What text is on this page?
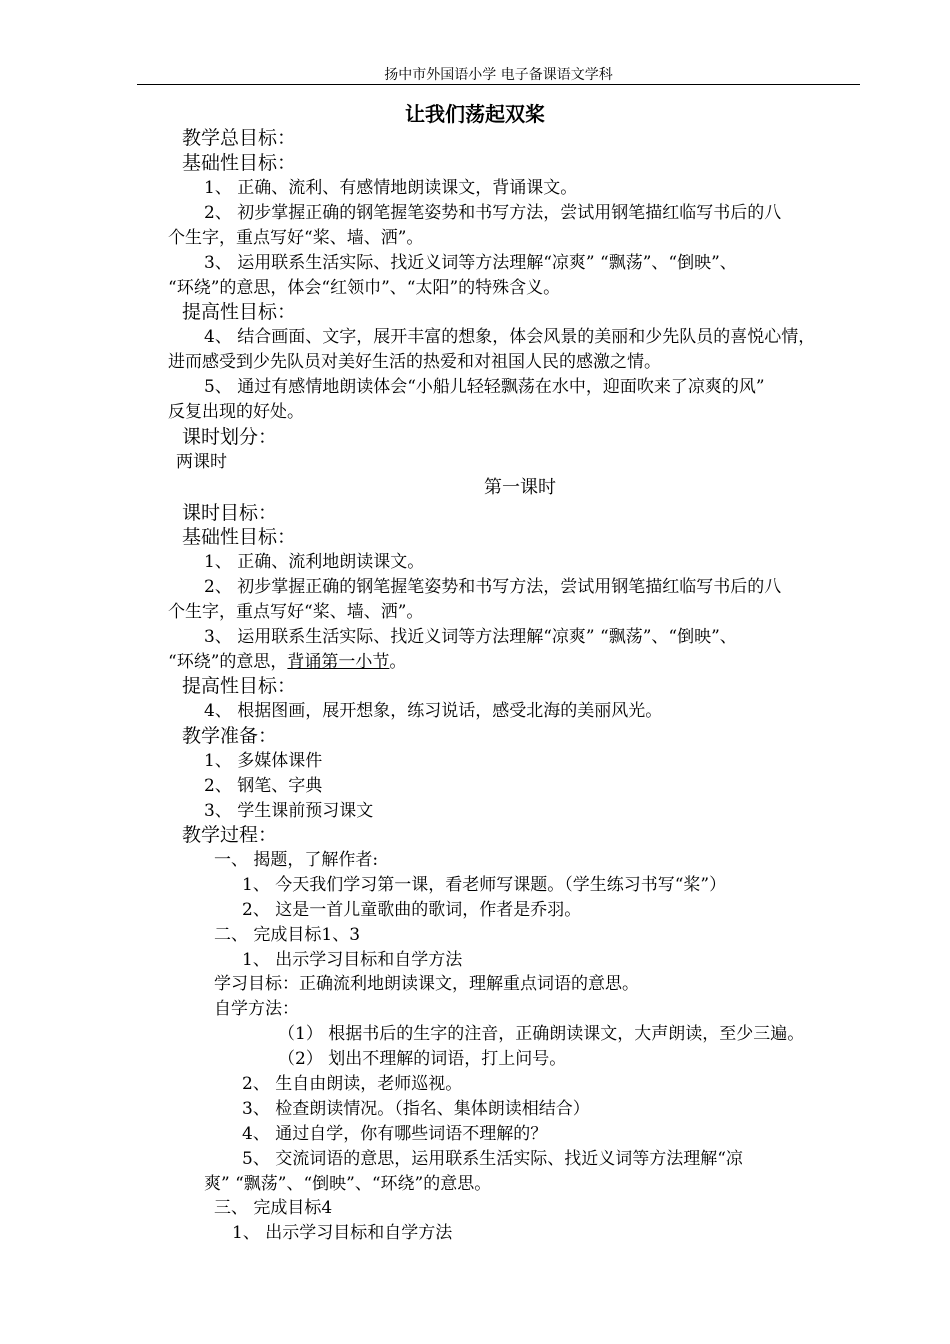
扬中市外国语小学 电子备课语文学科
让我们荡起双桨
教学总目标：
基础性目标：
1、 正确、流利、有感情地朗读课文，背诵课文。
2、 初步掌握正确的钢笔握笔姿势和书写方法，尝试用钢笔描红临写书后的八
个生字，重点写好“桨、墙、洒”。
3、 运用联系生活实际、找近义词等方法理解“凉爽” “飘荡”、“倒映”、
“环绕”的意思，体会“红领巾”、“太阳”的特殊含义。
提高性目标：
4、 结合画面、文字，展开丰富的想象，体会风景的美丽和少先队员的喜悦心情，
进而感受到少先队员对美好生活的热爱和对祖国人民的感激之情。
5、 通过有感情地朗读体会“小船儿轻轻飘荡在水中，迎面吹来了凉爽的风”
反复出现的好处。
课时划分：
两课时
第一课时
课时目标：
基础性目标：
1、 正确、流利地朗读课文。
2、 初步掌握正确的钢笔握笔姿势和书写方法，尝试用钢笔描红临写书后的八
个生字，重点写好“桨、墙、洒”。
3、 运用联系生活实际、找近义词等方法理解“凉爽” “飘荡”、“倒映”、
“环绕”的意思，背诵第一小节。
提高性目标：
4、 根据图画，展开想象，练习说话，感受北海的美丽风光。
教学准备：
1、 多媒体课件
2、 钢笔、字典
3、 学生课前预习课文
教学过程：
一、 揭题，了解作者:
1、 今天我们学习第一课，看老师写课题。（学生练习书写“桨”）
2、 这是一首儿童歌曲的歌词，作者是乔羽。
二、 完成目标1、3
1、 出示学习目标和自学方法
学习目标：正确流利地朗读课文，理解重点词语的意思。
自学方法：
（1） 根据书后的生字的注音，正确朗读课文，大声朗读，至少三遍。
（2） 划出不理解的词语，打上问号。
2、 生自由朗读，老师巡视。
3、 检查朗读情况。（指名、集体朗读相结合）
4、 通过自学，你有哪些词语不理解的？
5、 交流词语的意思，运用联系生活实际、找近义词等方法理解“凉
爽” “飘荡”、“倒映”、“环绕”的意思。
三、 完成目标4
1、 出示学习目标和自学方法
